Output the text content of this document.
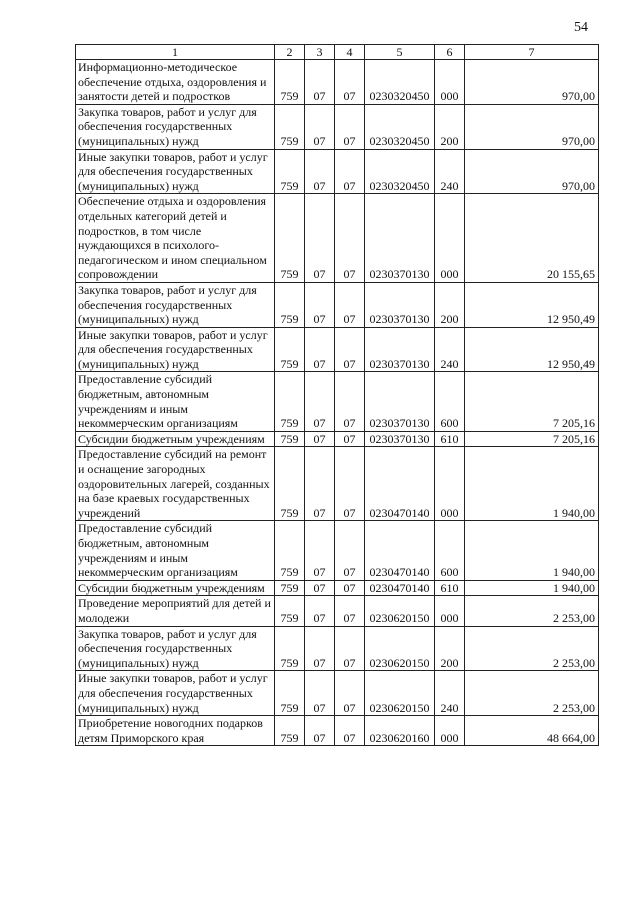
54
1	2	3	4	5	6	7
Информационно-методическое обеспечение отдыха, оздоровления и занятости детей и подростков	759	07	07	0230320450	000	970,00
Закупка товаров, работ и услуг для обеспечения государственных (муниципальных) нужд	759	07	07	0230320450	200	970,00
Иные закупки товаров, работ и услуг для обеспечения государственных (муниципальных) нужд	759	07	07	0230320450	240	970,00
Обеспечение отдыха и оздоровления отдельных категорий детей и подростков, в том числе нуждающихся в психолого-педагогическом и ином специальном сопровождении	759	07	07	0230370130	000	20 155,65
Закупка товаров, работ и услуг для обеспечения государственных (муниципальных) нужд	759	07	07	0230370130	200	12 950,49
Иные закупки товаров, работ и услуг для обеспечения государственных (муниципальных) нужд	759	07	07	0230370130	240	12 950,49
Предоставление субсидий бюджетным, автономным учреждениям и иным некоммерческим организациям	759	07	07	0230370130	600	7 205,16
Субсидии бюджетным учреждениям	759	07	07	0230370130	610	7 205,16
Предоставление субсидий на ремонт и оснащение загородных оздоровительных лагерей, созданных на базе краевых государственных учреждений	759	07	07	0230470140	000	1 940,00
Предоставление субсидий бюджетным, автономным учреждениям и иным некоммерческим организациям	759	07	07	0230470140	600	1 940,00
Субсидии бюджетным учреждениям	759	07	07	0230470140	610	1 940,00
Проведение мероприятий для детей и молодежи	759	07	07	0230620150	000	2 253,00
Закупка товаров, работ и услуг для обеспечения государственных (муниципальных) нужд	759	07	07	0230620150	200	2 253,00
Иные закупки товаров, работ и услуг для обеспечения государственных (муниципальных) нужд	759	07	07	0230620150	240	2 253,00
Приобретение новогодних подарков детям Приморского края	759	07	07	0230620160	000	48 664,00
